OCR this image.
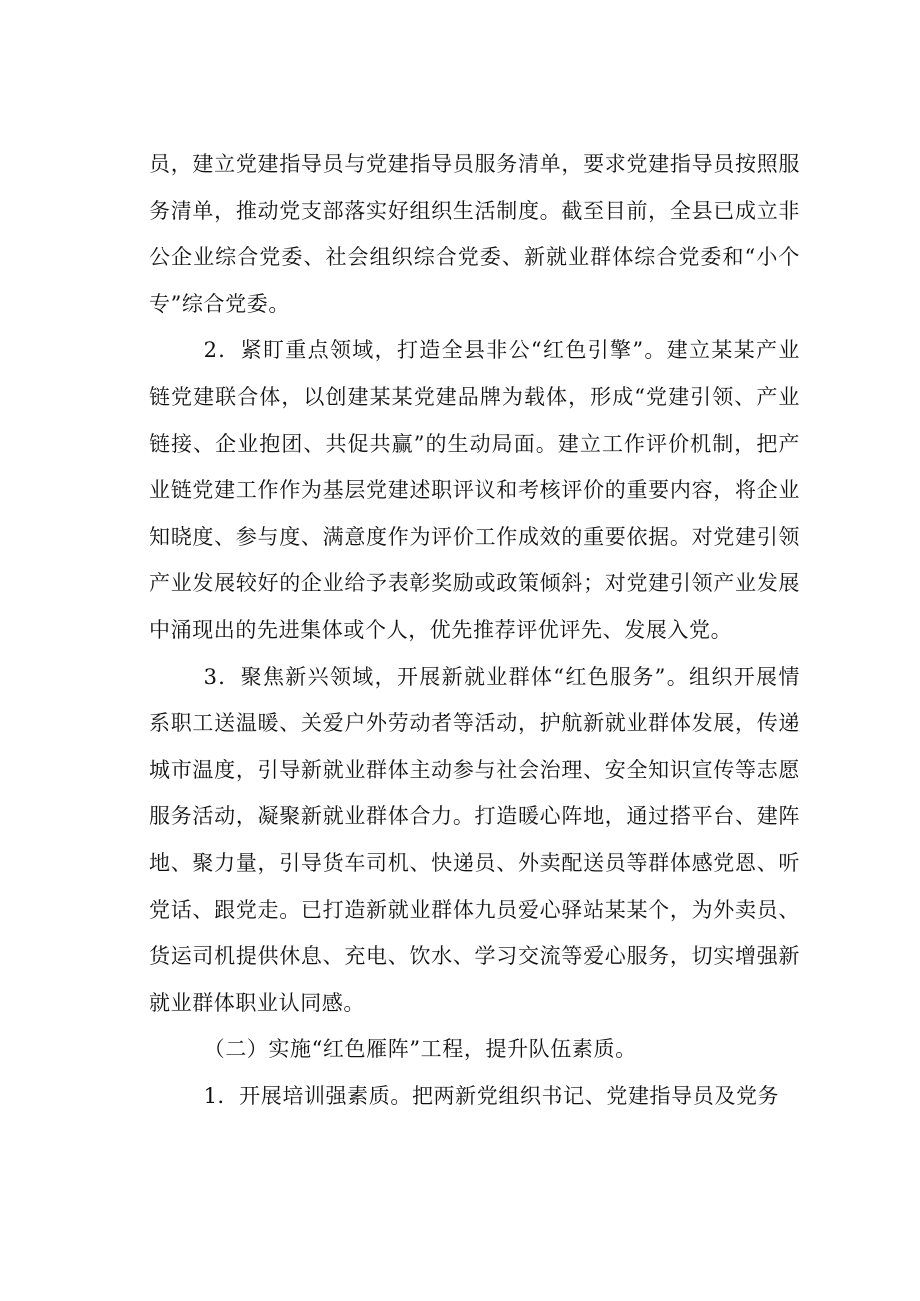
员，建立党建指导员与党建指导员服务清单，要求党建指导员按照服务清单，推动党支部落实好组织生活制度。截至目前，全县已成立非公企业综合党委、社会组织综合党委、新就业群体综合党委和“小个专”综合党委。

2．紧盯重点领域，打造全县非公“红色引擎”。建立某某产业链党建联合体，以创建某某党建品牌为载体，形成“党建引领、产业链接、企业抱团、共促共赢”的生动局面。建立工作评价机制，把产业链党建工作作为基层党建述职评议和考核评价的重要内容，将企业知晓度、参与度、满意度作为评价工作成效的重要依据。对党建引领产业发展较好的企业给予表彰奖励或政策倾斜；对党建引领产业发展中涌现出的先进集体或个人，优先推荐评优评先、发展入党。

3．聚焦新兴领域，开展新就业群体“红色服务”。组织开展情系职工送温暖、关爱户外劳动者等活动，护航新就业群体发展，传递城市温度，引导新就业群体主动参与社会治理、安全知识宣传等志愿服务活动，凝聚新就业群体合力。打造暖心阵地，通过搭平台、建阵地、聚力量，引导货车司机、快递员、外卖配送员等群体感党恩、听党话、跟党走。已打造新就业群体九员爱心驿站某某个，为外卖员、货运司机提供休息、充电、饮水、学习交流等爱心服务，切实增强新就业群体职业认同感。

（二）实施“红色雁阵”工程，提升队伍素质。

1．开展培训强素质。把两新党组织书记、党建指导员及党务
